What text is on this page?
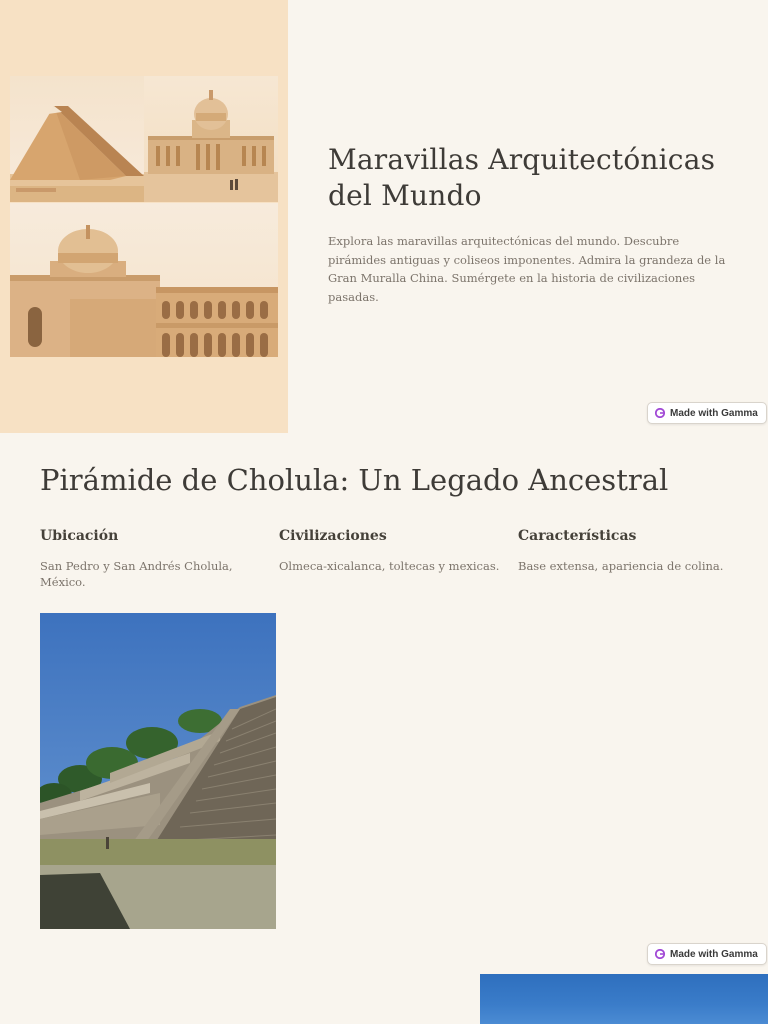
Maravillas Arquitectónicas del Mundo

Explora las maravillas arquitectónicas del mundo. Descubre pirámides antiguas y coliseos imponentes. Admira la grandeza de la Gran Muralla China. Sumérgete en la historia de civilizaciones pasadas.

Made with Gamma
Pirámide de Cholula: Un Legado Ancestral
Ubicación

San Pedro y San Andrés Cholula, México.

Civilizaciones

Olmeca-xicalanca, toltecas y mexicas.

Características

Base extensa, apariencia de colina.

Made with Gamma
